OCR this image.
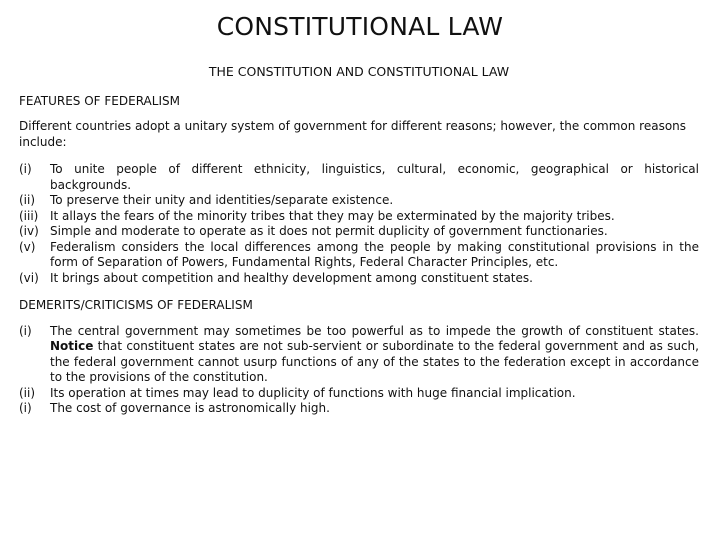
CONSTITUTIONAL LAW
THE CONSTITUTION AND CONSTITUTIONAL LAW
FEATURES OF FEDERALISM
Different countries adopt a unitary system of government for different reasons; however, the common reasons include:
(i)	To unite people of different ethnicity, linguistics, cultural, economic, geographical or historical backgrounds.
(ii)	To preserve their unity and identities/separate existence.
(iii) It allays the fears of the minority tribes that they may be exterminated by the majority tribes.
(iv) Simple and moderate to operate as it does not permit duplicity of government functionaries.
(v)	Federalism considers the local differences among the people by making constitutional provisions in the form of Separation of Powers, Fundamental Rights, Federal Character Principles, etc.
(vi) It brings about competition and healthy development among constituent states.
DEMERITS/CRITICISMS OF FEDERALISM
(i)	The central government may sometimes be too powerful as to impede the growth of constituent states. Notice that constituent states are not sub-servient or subordinate to the federal government and as such, the federal government cannot usurp functions of any of the states to the federation except in accordance to the provisions of the constitution.
(ii)	Its operation at times may lead to duplicity of functions with huge financial implication.
(i)	The cost of governance is astronomically high.
